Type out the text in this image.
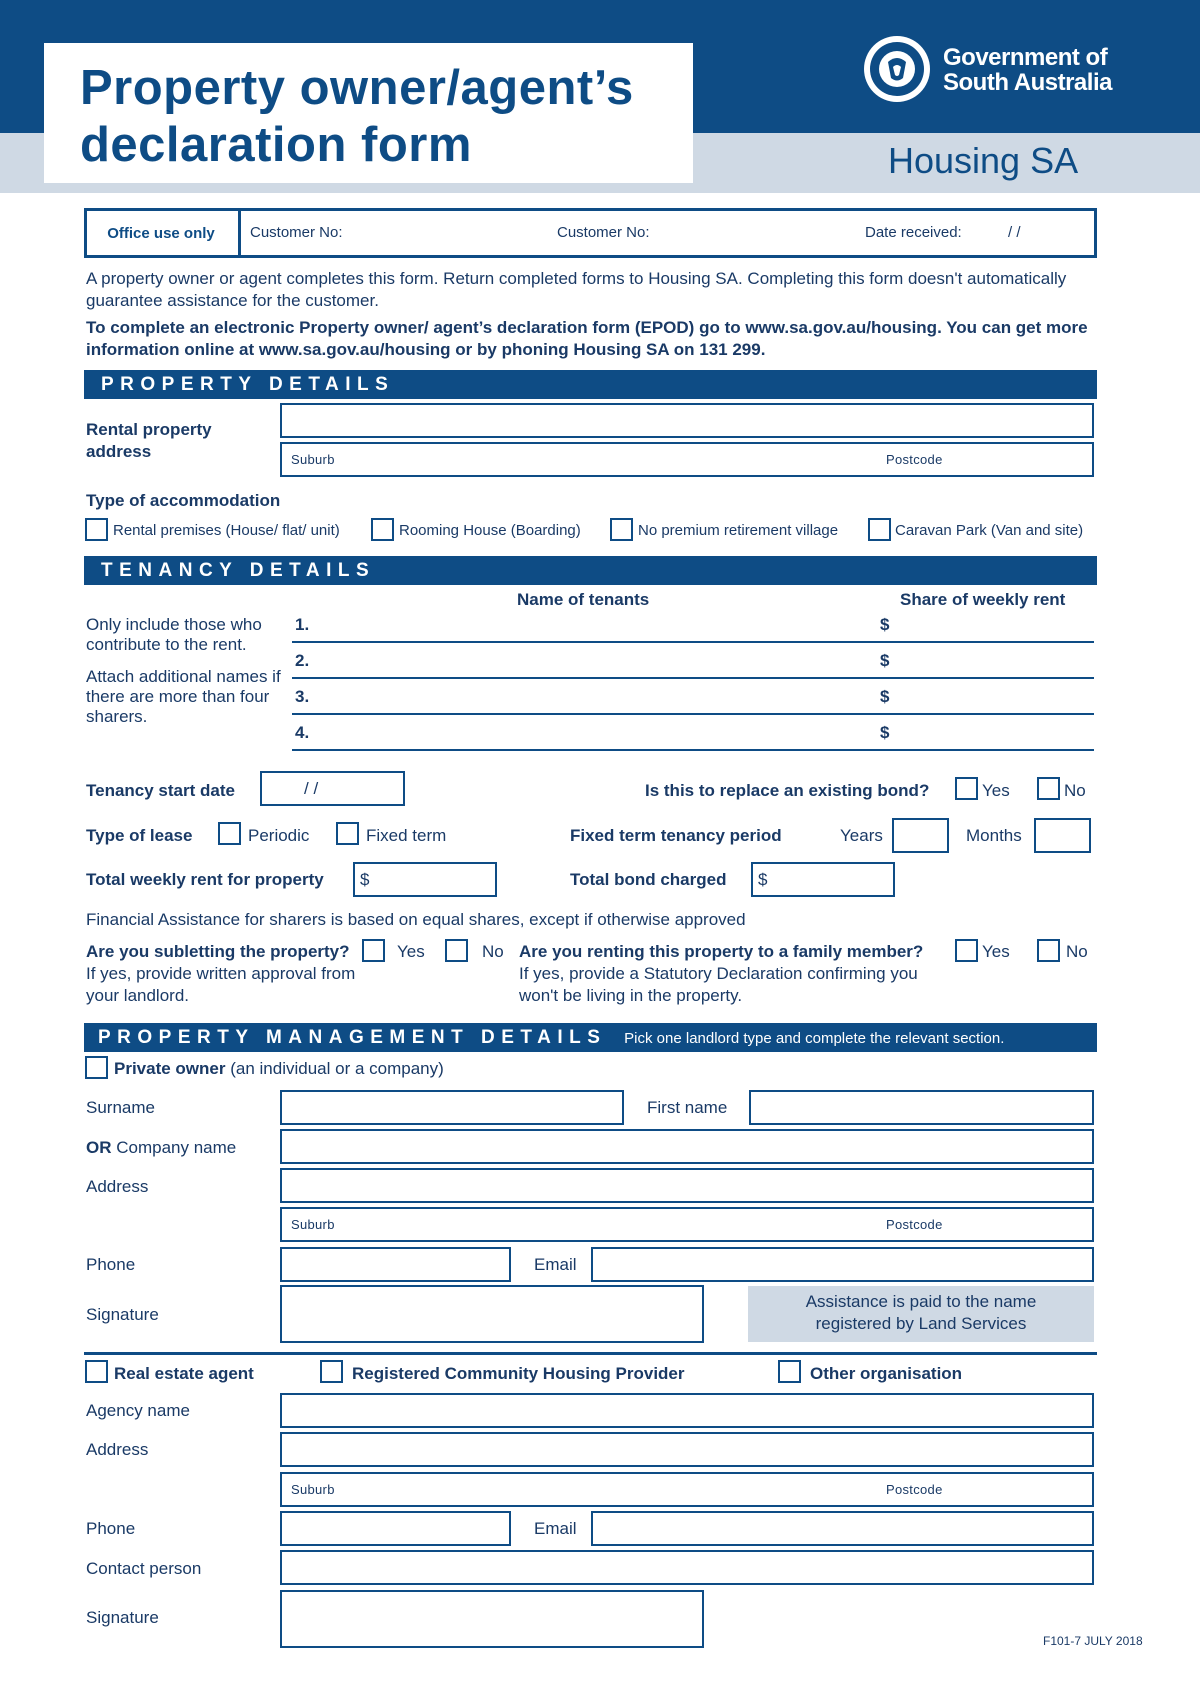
Property owner/agent’s
declaration form
Government of
South Australia
Housing SA
Office use only	Customer No:	Customer No:	Date received:	/ /
A property owner or agent completes this form. Return completed forms to Housing SA. Completing this form doesn't automatically guarantee assistance for the customer.
To complete an electronic Property owner/ agent’s declaration form (EPOD) go to www.sa.gov.au/housing. You can get more information online at www.sa.gov.au/housing or by phoning Housing SA on 131 299.
PROPERTY DETAILS
Rental property address	Suburb	Postcode
Type of accommodation
Rental premises (House/ flat/ unit)	Rooming House (Boarding)	No premium retirement village	Caravan Park (Van and site)
TENANCY DETAILS
Name of tenants	Share of weekly rent
Only include those who contribute to the rent.
Attach additional names if there are more than four sharers.
1.	$
2.	$
3.	$
4.	$
Tenancy start date	/ /	Is this to replace an existing bond?	Yes	No
Type of lease	Periodic	Fixed term	Fixed term tenancy period	Years	Months
Total weekly rent for property $	Total bond charged $
Financial Assistance for sharers is based on equal shares, except if otherwise approved
Are you subletting the property?	Yes	No
If yes, provide written approval from your landlord.
Are you renting this property to a family member?	Yes	No
If yes, provide a Statutory Declaration confirming you won't be living in the property.
PROPERTY MANAGEMENT DETAILS Pick one landlord type and complete the relevant section.
Private owner (an individual or a company)
Surname	First name
OR Company name
Address
Suburb	Postcode
Phone	Email
Signature
Assistance is paid to the name registered by Land Services
Real estate agent	Registered Community Housing Provider	Other organisation
Agency name
Address
Suburb	Postcode
Phone	Email
Contact person
Signature
F101-7 JULY 2018
